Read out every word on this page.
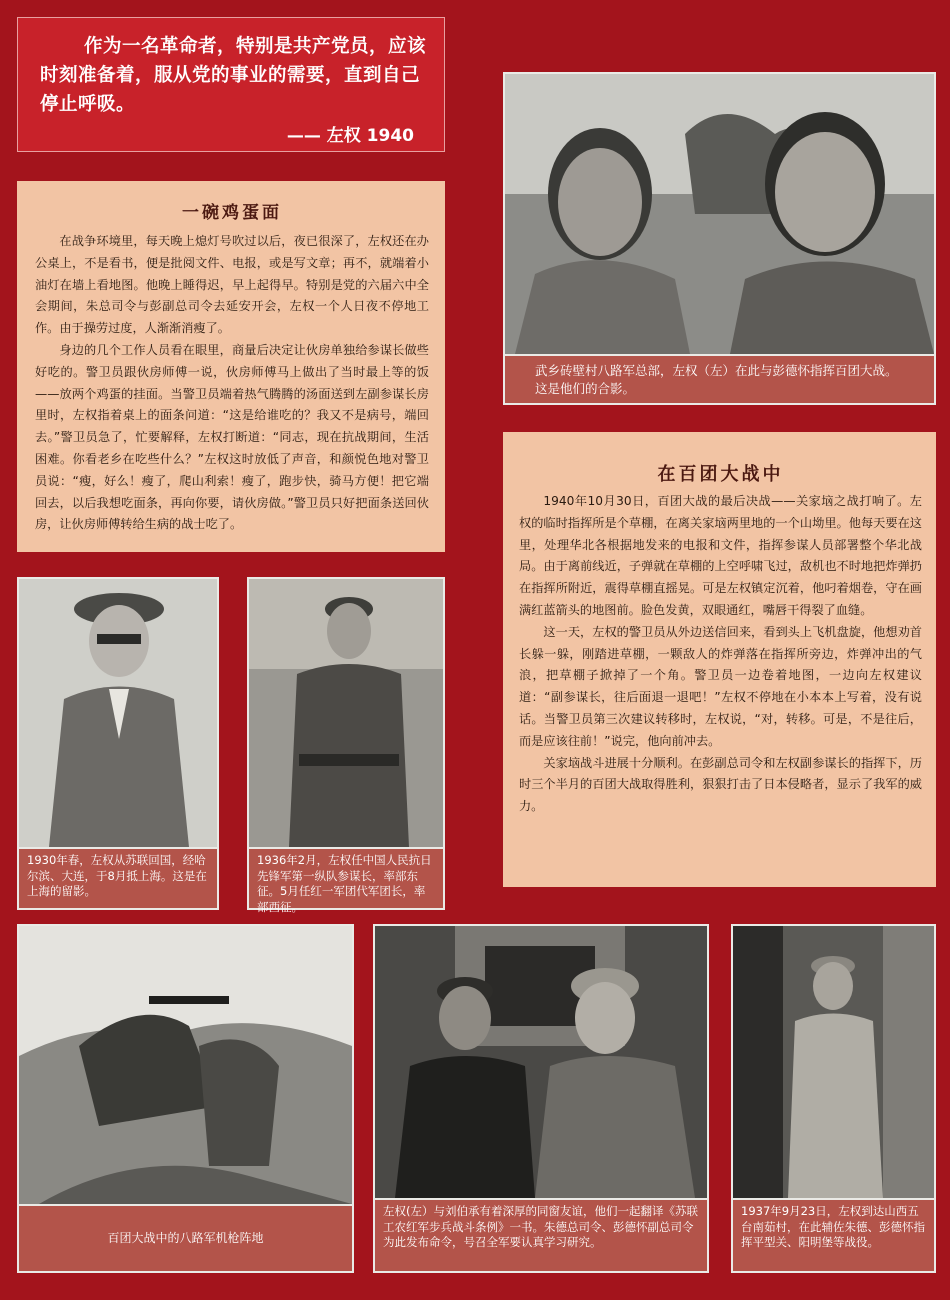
作为一名革命者，特别是共产党员，应该时刻准备着，服从党的事业的需要，直到自己停止呼吸。

—— 左权 1940
一碗鸡蛋面

在战争环境里，每天晚上熄灯号吹过以后，夜已很深了，左权还在办公桌上，不是看书，便是批阅文件、电报，或是写文章；再不，就端着小油灯在墙上看地图。他晚上睡得迟，早上起得早。特别是党的六届六中全会期间，朱总司令与彭副总司令去延安开会，左权一个人日夜不停地工作。由于操劳过度，人渐渐消瘦了。

身边的几个工作人员看在眼里，商量后决定让伙房单独给参谋长做些好吃的。警卫员跟伙房师傅一说，伙房师傅马上做出了当时最上等的饭——放两个鸡蛋的挂面。当警卫员端着热气腾腾的汤面送到左副参谋长房里时，左权指着桌上的面条问道：“这是给谁吃的？我又不是病号，端回去。”警卫员急了，忙要解释，左权打断道：“同志，现在抗战期间，生活困难。你看老乡在吃些什么？”左权这时放低了声音，和颜悦色地对警卫员说：“瘦，好么！瘦了，爬山利索！瘦了，跑步快，骑马方便！把它端回去，以后我想吃面条，再向你要，请伙房做。”警卫员只好把面条送回伙房，让伙房师傅转给生病的战士吃了。

武乡砖壁村八路军总部，左权（左）在此与彭德怀指挥百团大战。这是他们的合影。
在百团大战中

1940年10月30日，百团大战的最后决战——关家垴之战打响了。左权的临时指挥所是个草棚，在离关家垴两里地的一个山坳里。他每天要在这里，处理华北各根据地发来的电报和文件，指挥参谋人员部署整个华北战局。由于离前线近，子弹就在草棚的上空呼啸飞过，敌机也不时地把炸弹扔在指挥所附近，震得草棚直摇晃。可是左权镇定沉着，他叼着烟卷，守在画满红蓝箭头的地图前。脸色发黄，双眼通红，嘴唇干得裂了血缝。

这一天，左权的警卫员从外边送信回来，看到头上飞机盘旋，他想劝首长躲一躲，刚踏进草棚，一颗敌人的炸弹落在指挥所旁边，炸弹冲出的气浪，把草棚子掀掉了一个角。警卫员一边卷着地图，一边向左权建议道：“副参谋长，往后面退一退吧！”左权不停地在小本本上写着，没有说话。当警卫员第三次建议转移时，左权说，“对，转移。可是，不是往后，而是应该往前！”说完，他向前冲去。

关家垴战斗进展十分顺利。在彭副总司令和左权副参谋长的指挥下，历时三个半月的百团大战取得胜利，狠狠打击了日本侵略者，显示了我军的威力。

1930年春，左权从苏联回国，经哈尔滨、大连，于8月抵上海。这是在上海的留影。
1936年2月，左权任中国人民抗日先锋军第一纵队参谋长，率部东征。5月任红一军团代军团长，率部西征。
百团大战中的八路军机枪阵地
左权(左）与刘伯承有着深厚的同窗友谊，他们一起翻译《苏联工农红军步兵战斗条例》一书。朱德总司令、彭德怀副总司令为此发布命令，号召全军要认真学习研究。
1937年9月23日，左权到达山西五台南茹村，在此辅佐朱德、彭德怀指挥平型关、阳明堡等战役。
